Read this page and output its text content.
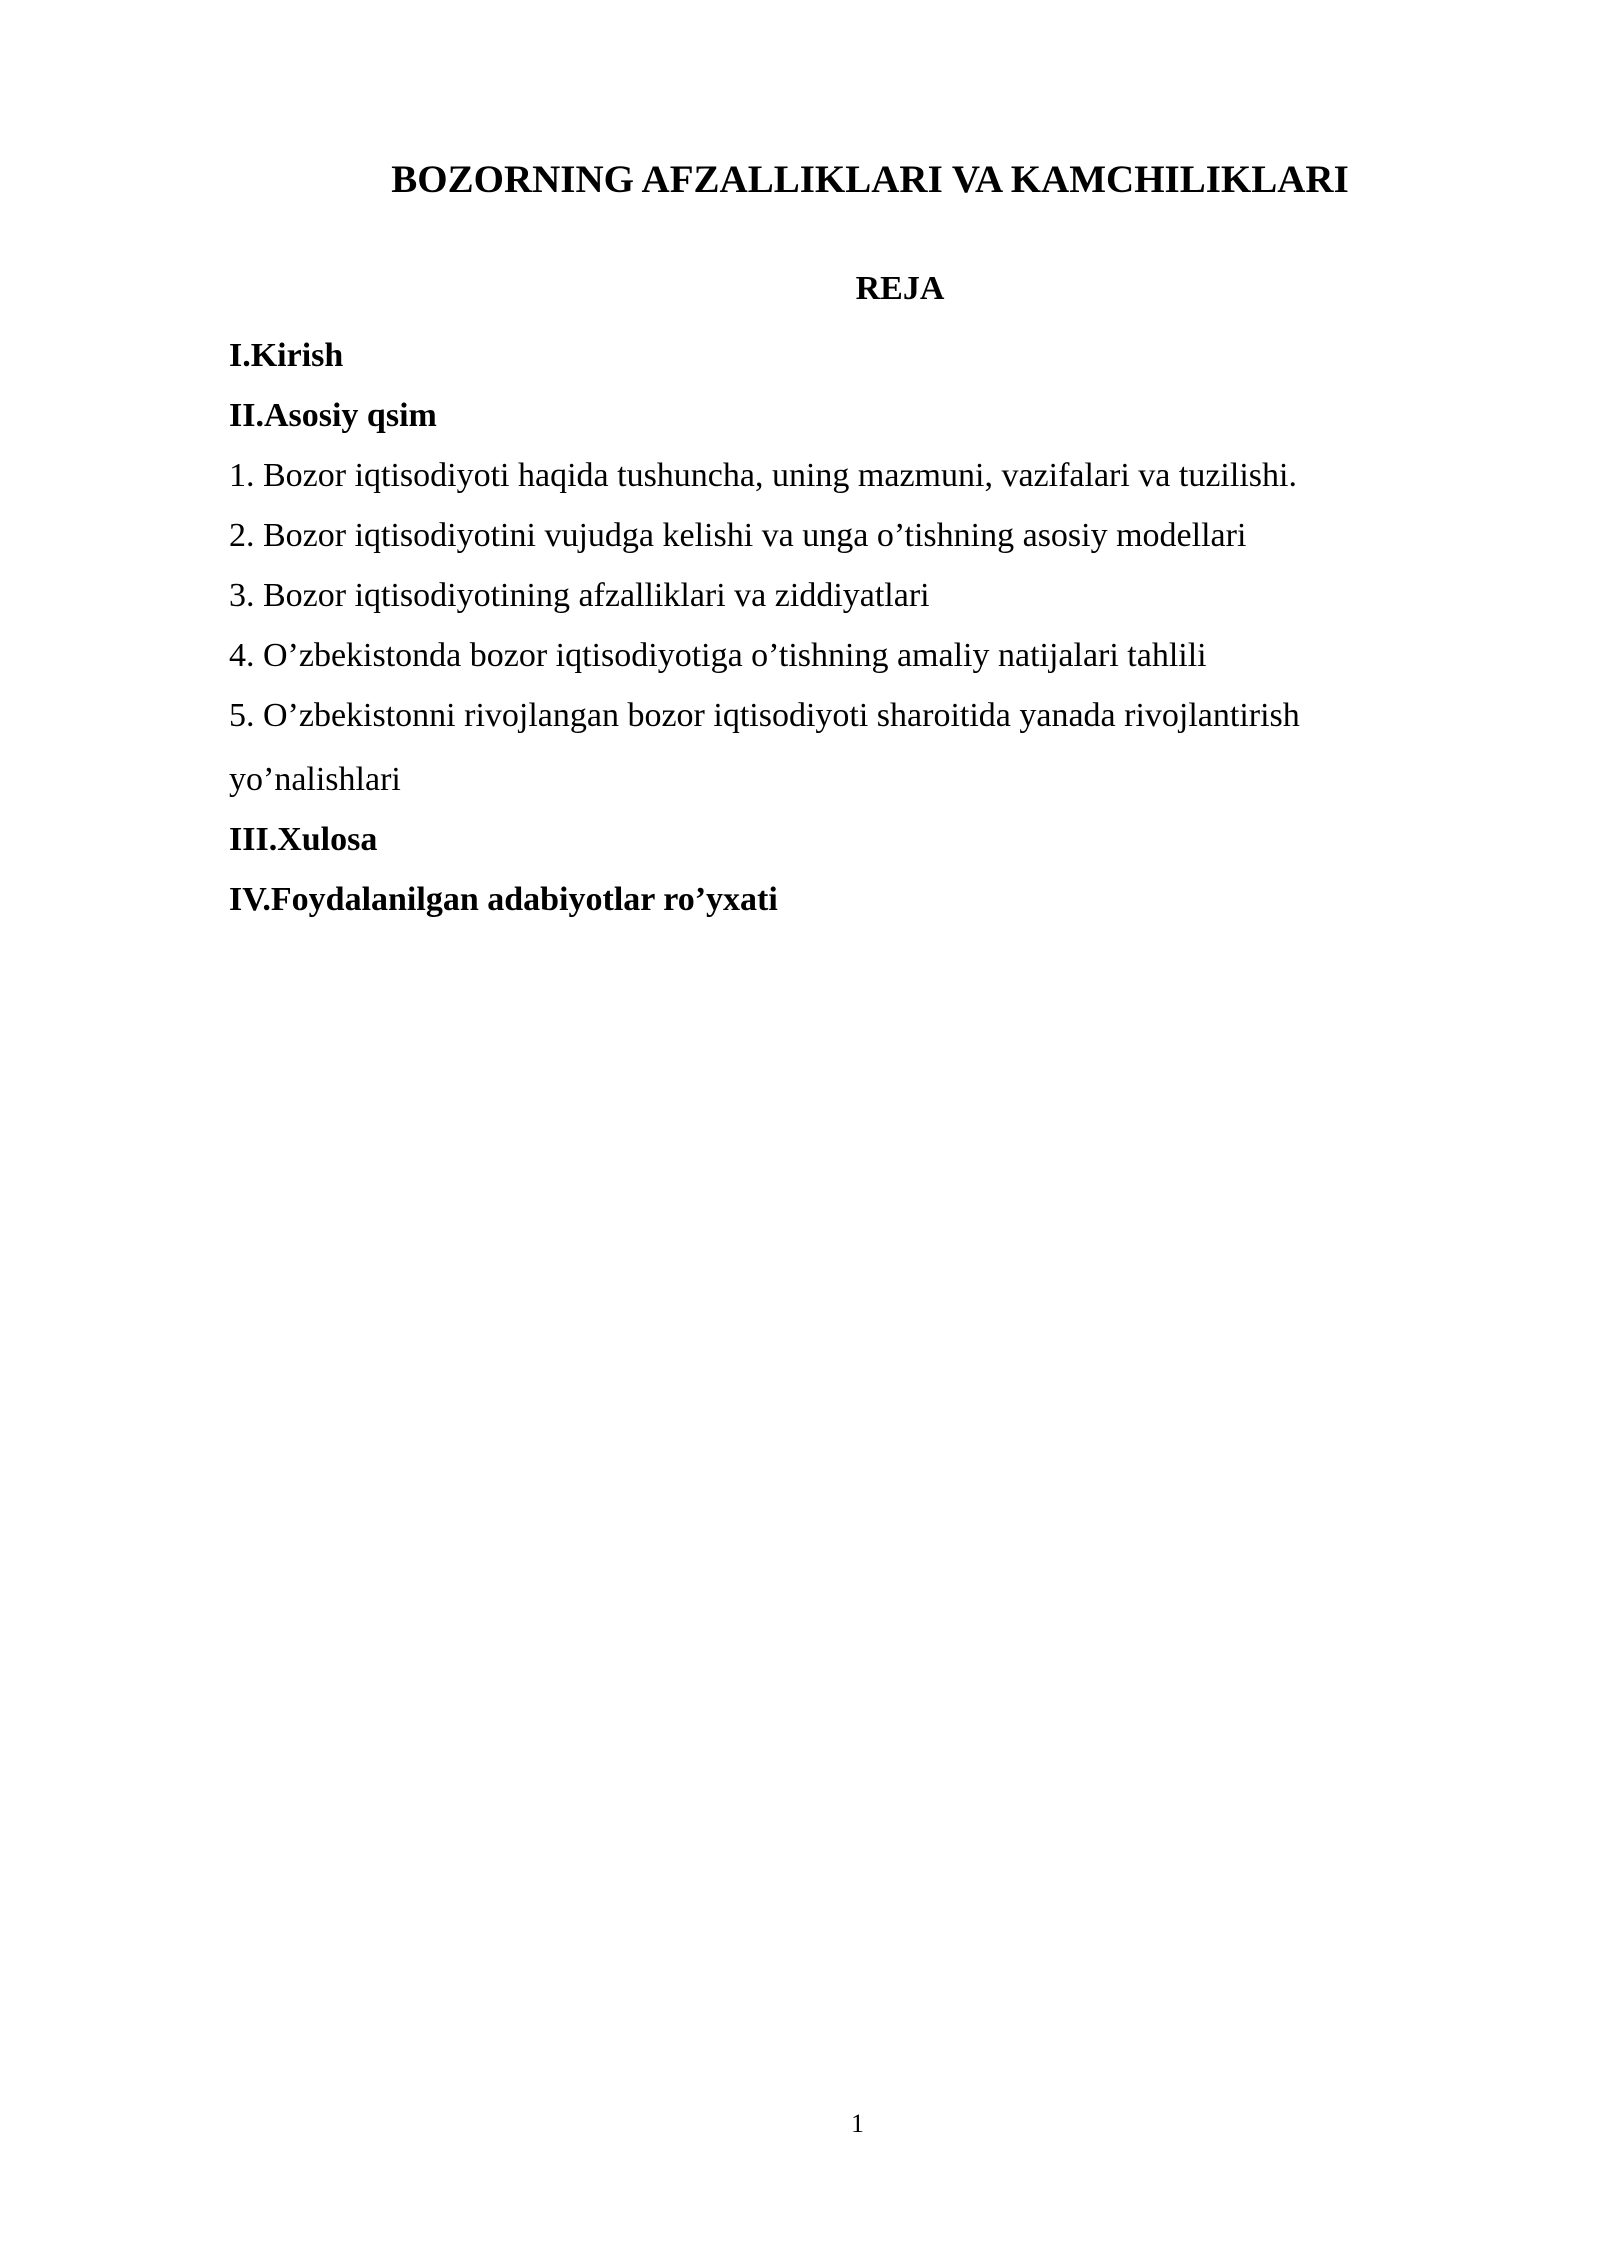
BOZORNING AFZALLIKLARI VA KAMCHILIKLARI
REJA
I.Kirish
II.Asosiy qsim
1. Bozor iqtisodiyoti haqida tushuncha, uning mazmuni, vazifalari va tuzilishi.
2. Bozor iqtisodiyotini vujudga kelishi va unga o’tishning asosiy modellari
3. Bozor iqtisodiyotining afzalliklari va ziddiyatlari
4. O’zbekistonda bozor iqtisodiyotiga o’tishning amaliy natijalari tahlili
5. O’zbekistonni rivojlangan bozor iqtisodiyoti sharoitida yanada rivojlantirish
yo’nalishlari
III.Xulosa
IV.Foydalanilgan adabiyotlar ro’yxati
1
